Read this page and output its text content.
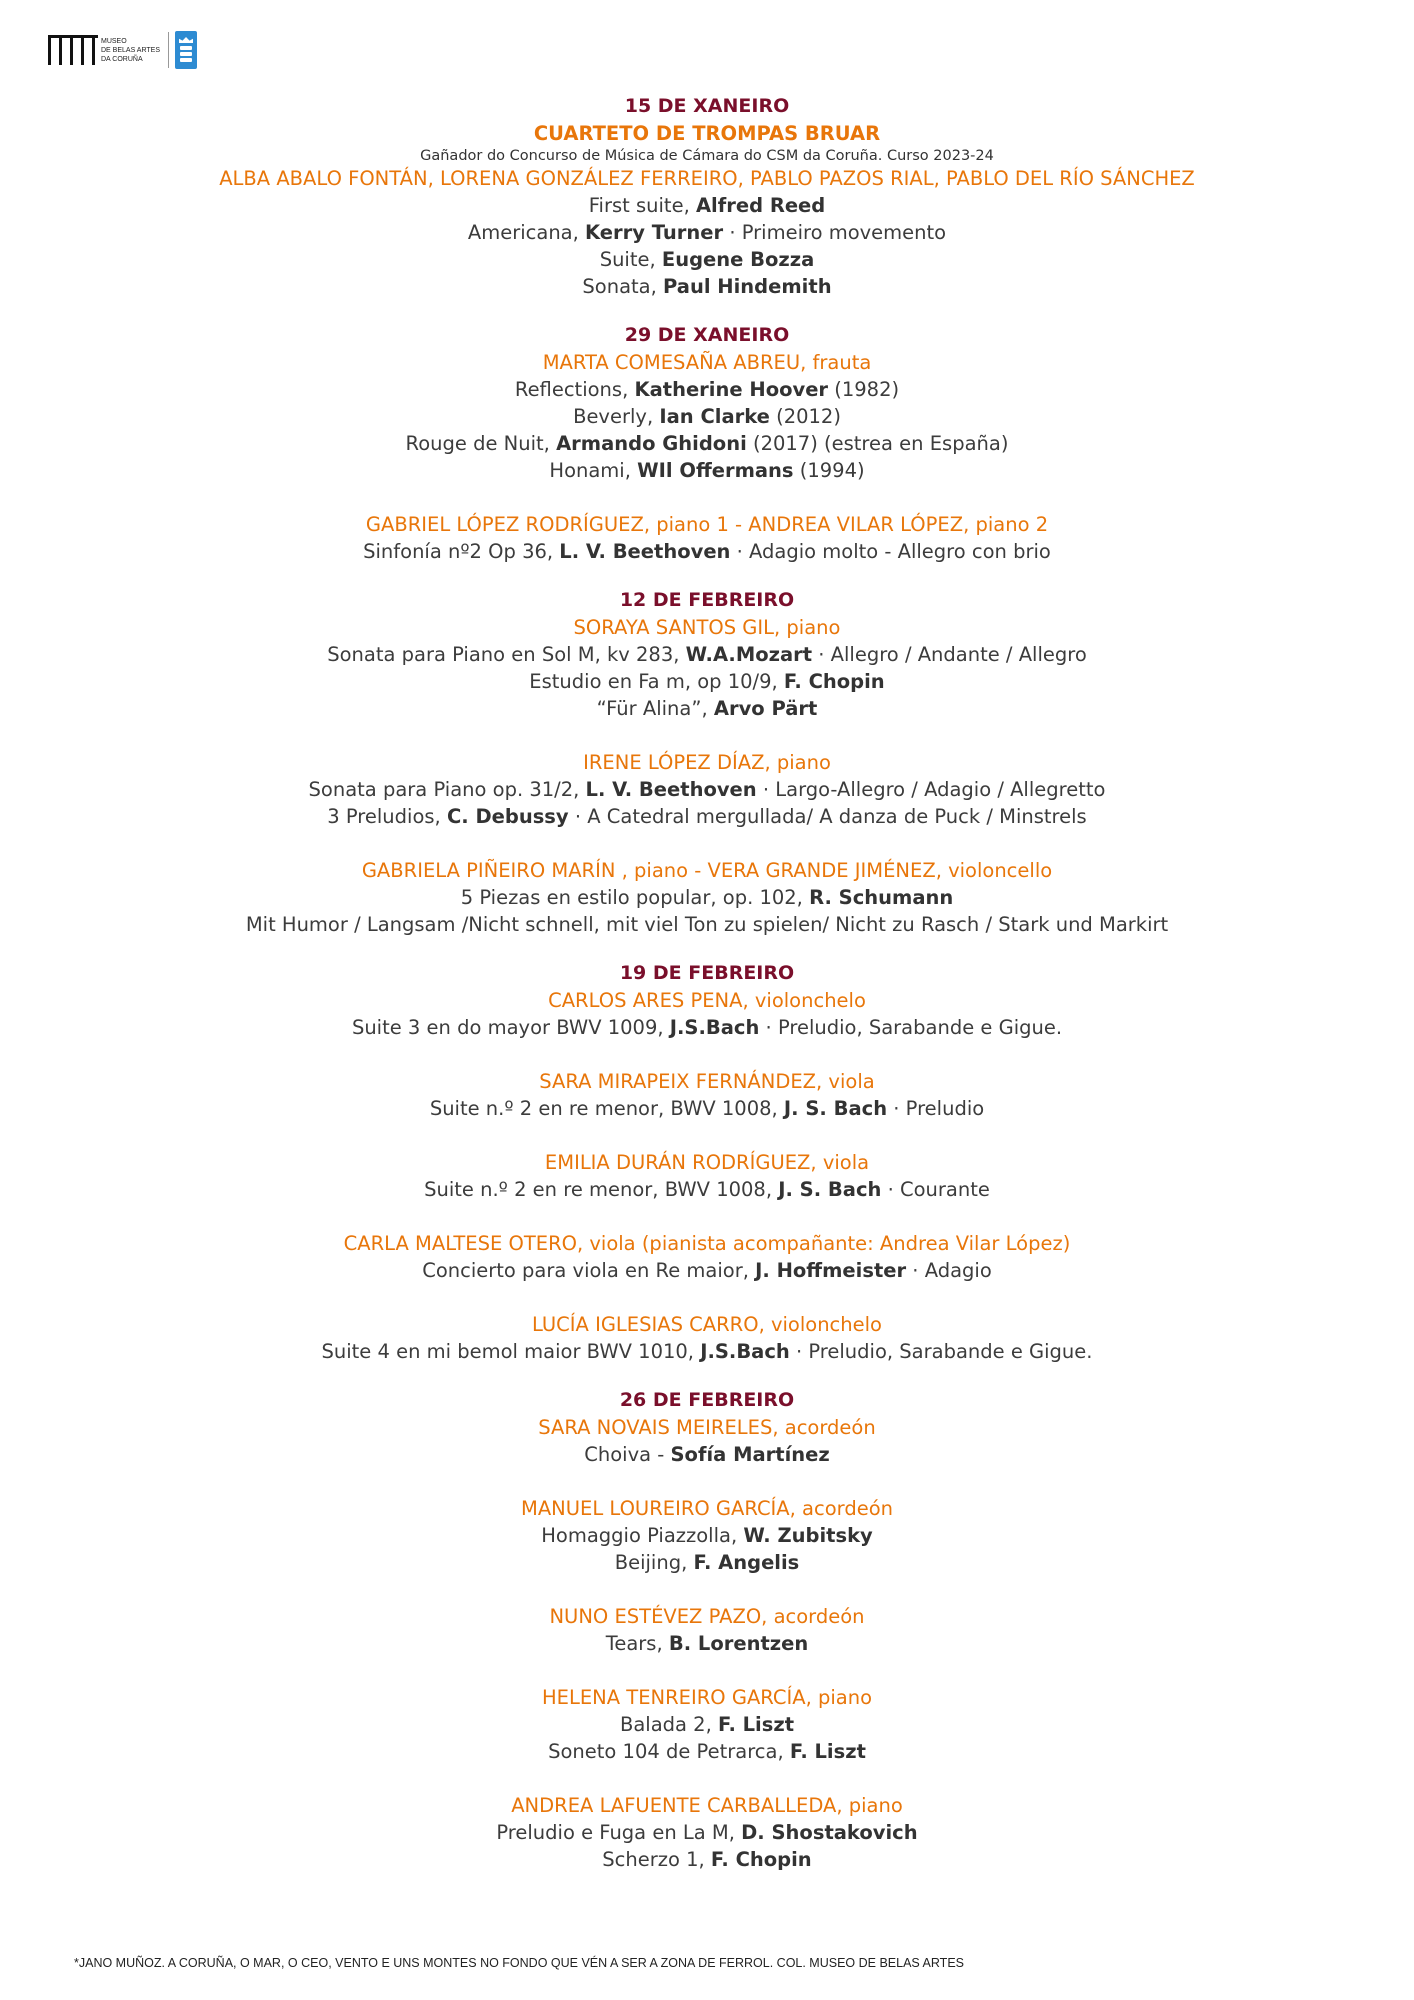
MUSEO
DE BELAS ARTES
DA CORUÑA
15 DE XANEIRO
CUARTETO DE TROMPAS BRUAR
Gañador do Concurso de Música de Cámara do CSM da Coruña. Curso 2023-24
ALBA ABALO FONTÁN, LORENA GONZÁLEZ FERREIRO, PABLO PAZOS RIAL, PABLO DEL RÍO SÁNCHEZ
First suite, Alfred Reed
Americana, Kerry Turner · Primeiro movemento
Suite, Eugene Bozza
Sonata, Paul Hindemith
29 DE XANEIRO
MARTA COMESAÑA ABREU, frauta
Reflections, Katherine Hoover (1982)
Beverly, Ian Clarke (2012)
Rouge de Nuit, Armando Ghidoni (2017) (estrea en España)
Honami, WIl Offermans (1994)
GABRIEL LÓPEZ RODRÍGUEZ, piano 1 - ANDREA VILAR LÓPEZ, piano 2
Sinfonía nº2 Op 36, L. V. Beethoven · Adagio molto - Allegro con brio
12 DE FEBREIRO
SORAYA SANTOS GIL, piano
Sonata para Piano en Sol M, kv 283, W.A.Mozart · Allegro / Andante / Allegro
Estudio en Fa m, op 10/9, F. Chopin
“Für Alina”, Arvo Pärt
IRENE LÓPEZ DÍAZ, piano
Sonata para Piano op. 31/2, L. V. Beethoven · Largo-Allegro / Adagio / Allegretto
3 Preludios, C. Debussy · A Catedral mergullada/ A danza de Puck / Minstrels
GABRIELA PIÑEIRO MARÍN , piano - VERA GRANDE JIMÉNEZ, violoncello
5 Piezas en estilo popular, op. 102, R. Schumann
Mit Humor / Langsam /Nicht schnell, mit viel Ton zu spielen/ Nicht zu Rasch / Stark und Markirt
19 DE FEBREIRO
CARLOS ARES PENA, violonchelo
Suite 3 en do mayor BWV 1009, J.S.Bach · Preludio, Sarabande e Gigue.
SARA MIRAPEIX FERNÁNDEZ, viola
Suite n.º 2 en re menor, BWV 1008, J. S. Bach · Preludio
EMILIA DURÁN RODRÍGUEZ, viola
Suite n.º 2 en re menor, BWV 1008, J. S. Bach · Courante
CARLA MALTESE OTERO, viola (pianista acompañante: Andrea Vilar López)
Concierto para viola en Re maior, J. Hoffmeister · Adagio
LUCÍA IGLESIAS CARRO, violonchelo
Suite 4 en mi bemol maior BWV 1010, J.S.Bach · Preludio, Sarabande e Gigue.
26 DE FEBREIRO
SARA NOVAIS MEIRELES, acordeón
Choiva - Sofía Martínez
MANUEL LOUREIRO GARCÍA, acordeón
Homaggio Piazzolla, W. Zubitsky
Beijing, F. Angelis
NUNO ESTÉVEZ PAZO, acordeón
Tears, B. Lorentzen
HELENA TENREIRO GARCÍA, piano
Balada 2, F. Liszt
Soneto 104 de Petrarca, F. Liszt
ANDREA LAFUENTE CARBALLEDA, piano
Preludio e Fuga en La M, D. Shostakovich
Scherzo 1, F. Chopin
*JANO MUÑOZ. A CORUÑA, O MAR, O CEO, VENTO E UNS MONTES NO FONDO QUE VÉN A SER A ZONA DE FERROL. COL. MUSEO DE BELAS ARTES
